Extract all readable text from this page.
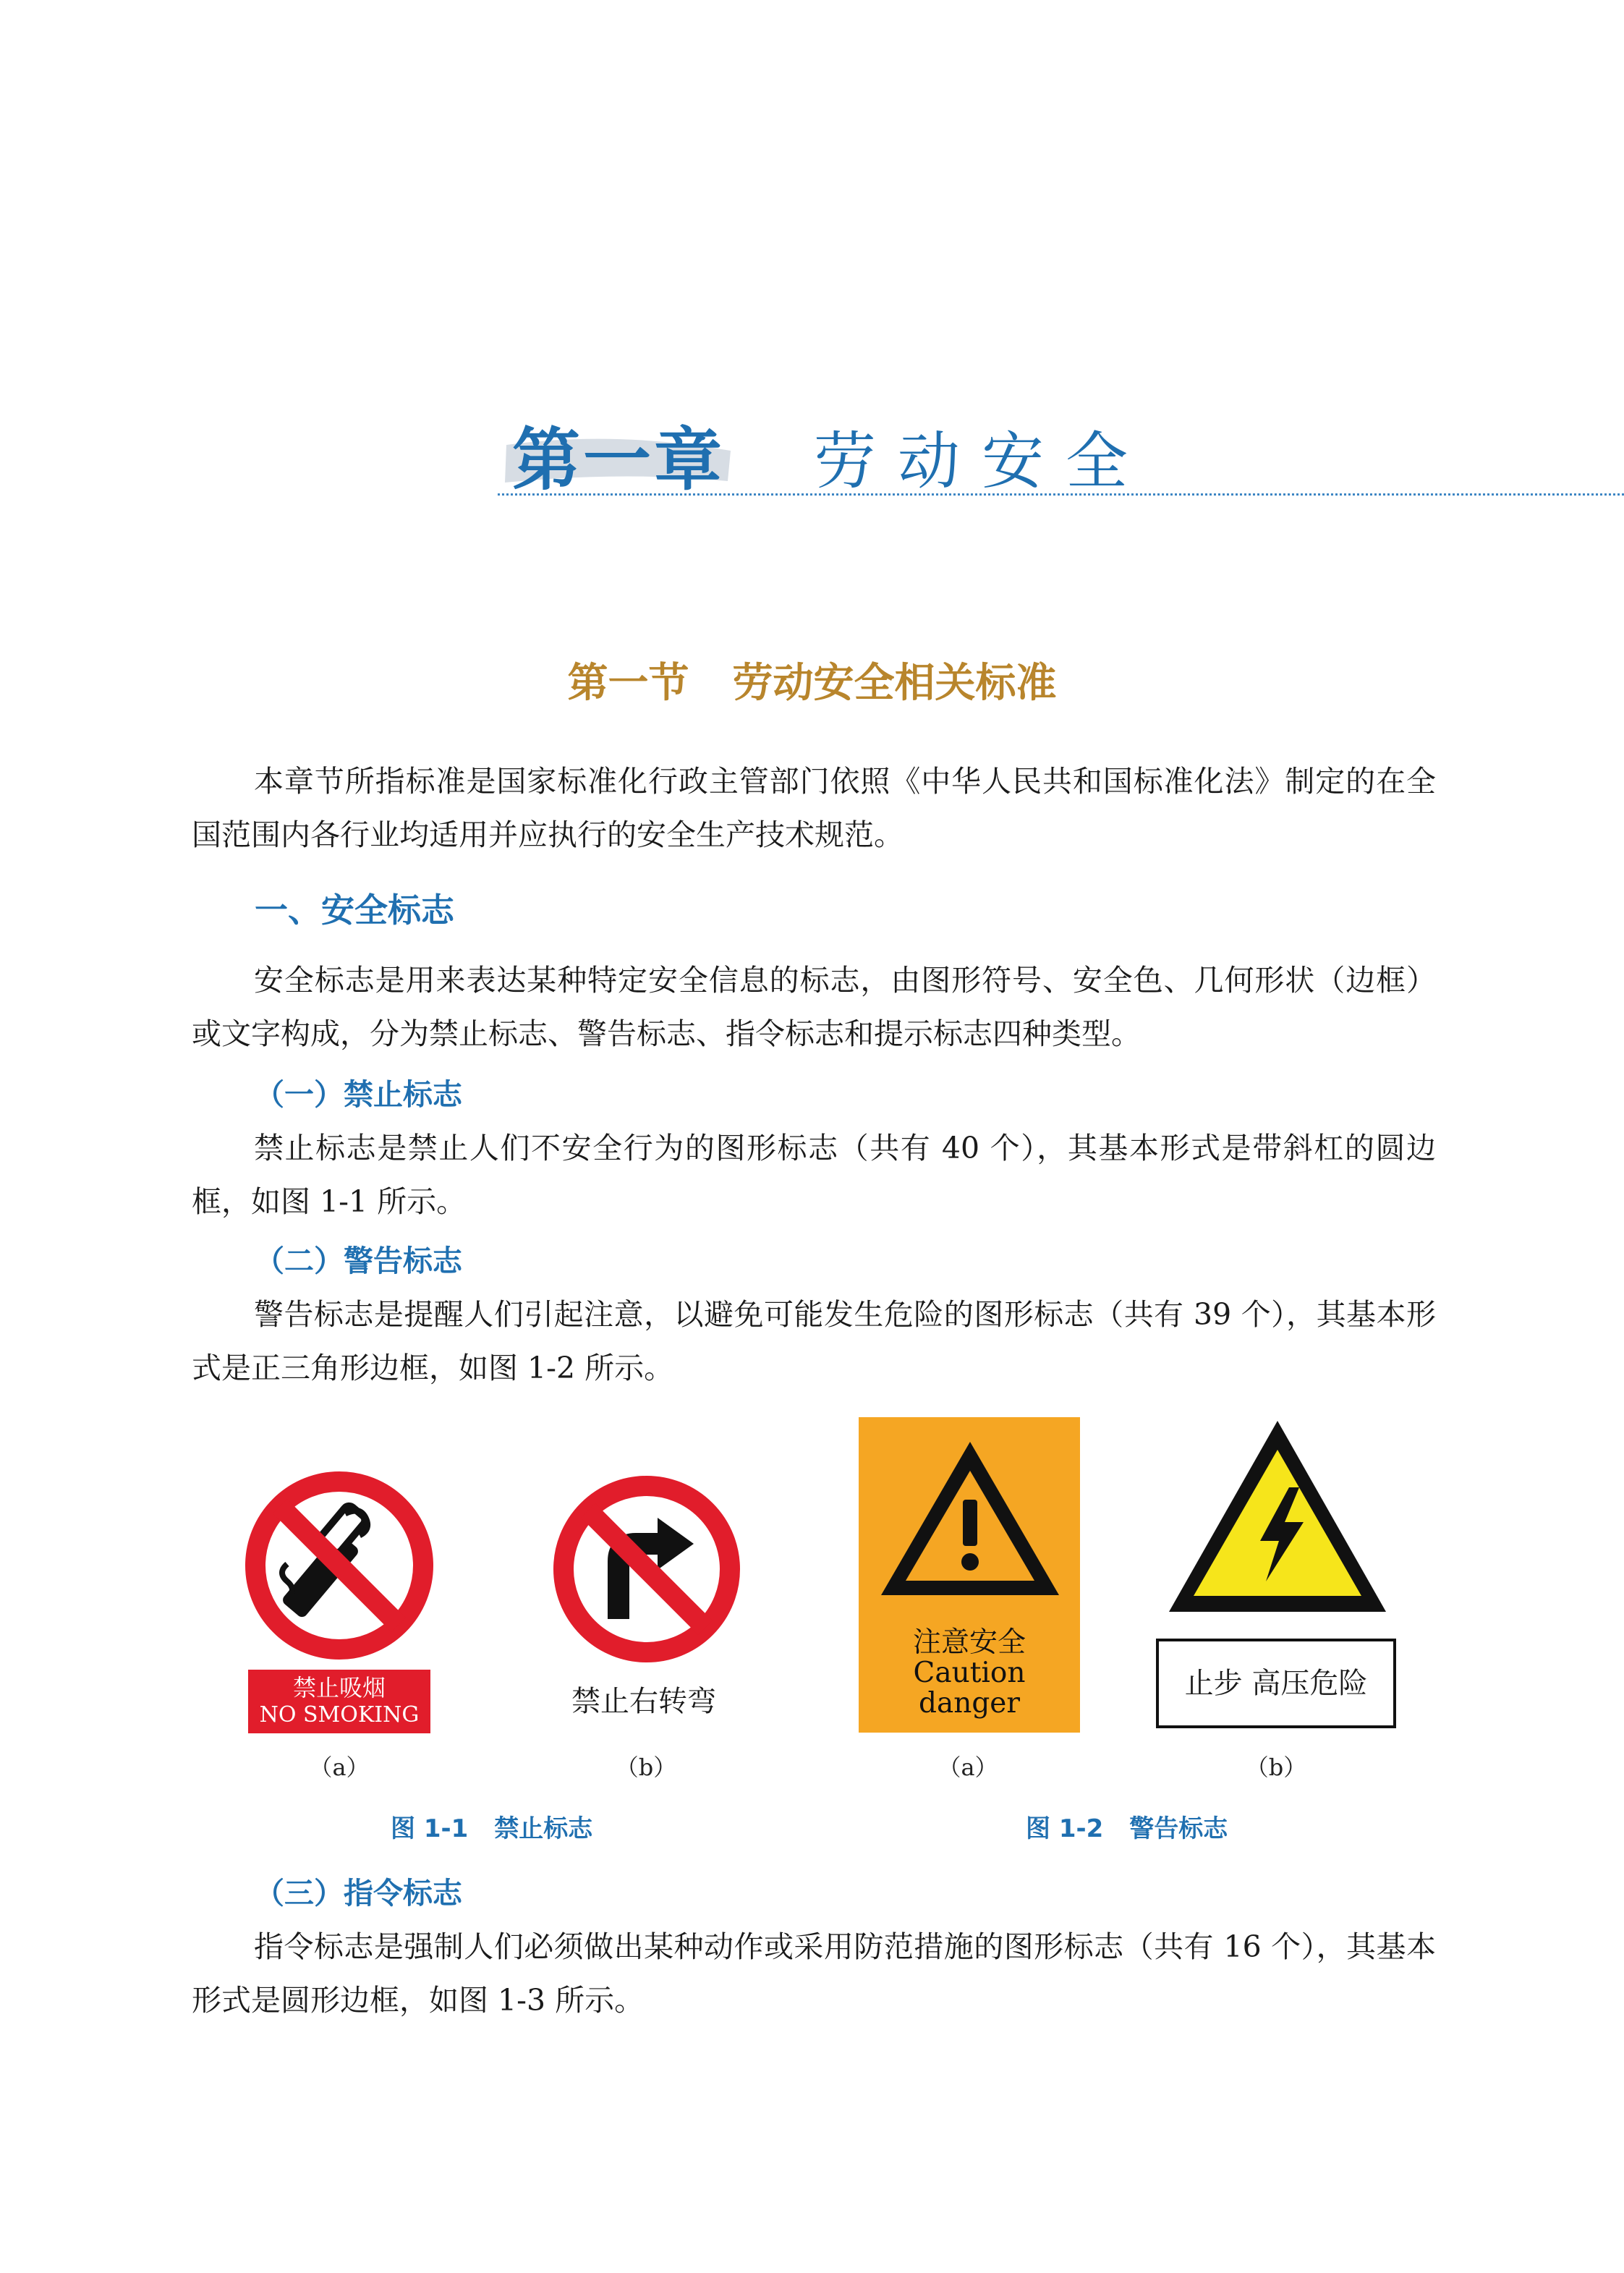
第一章 劳动安全
第一节 劳动安全相关标准

本章节所指标准是国家标准化行政主管部门依照《中华人民共和国标准化法》制定的在全国范围内各行业均适用并应执行的安全生产技术规范。

一、安全标志

安全标志是用来表达某种特定安全信息的标志，由图形符号、安全色、几何形状（边框）或文字构成，分为禁止标志、警告标志、指令标志和提示标志四种类型。

（一）禁止标志

禁止标志是禁止人们不安全行为的图形标志（共有 40 个），其基本形式是带斜杠的圆边框，如图 1-1 所示。

（二）警告标志

警告标志是提醒人们引起注意，以避免可能发生危险的图形标志（共有 39 个），其基本形式是正三角形边框，如图 1-2 所示。

禁止吸烟
NO SMOKING
（a）
禁止右转弯
（b）
注意安全
Caution danger
（a）
止步 高压危险
（b）
图 1-1 禁止标志	图 1-2 警告标志
（三）指令标志

指令标志是强制人们必须做出某种动作或采用防范措施的图形标志（共有 16 个），其基本形式是圆形边框，如图 1-3 所示。
